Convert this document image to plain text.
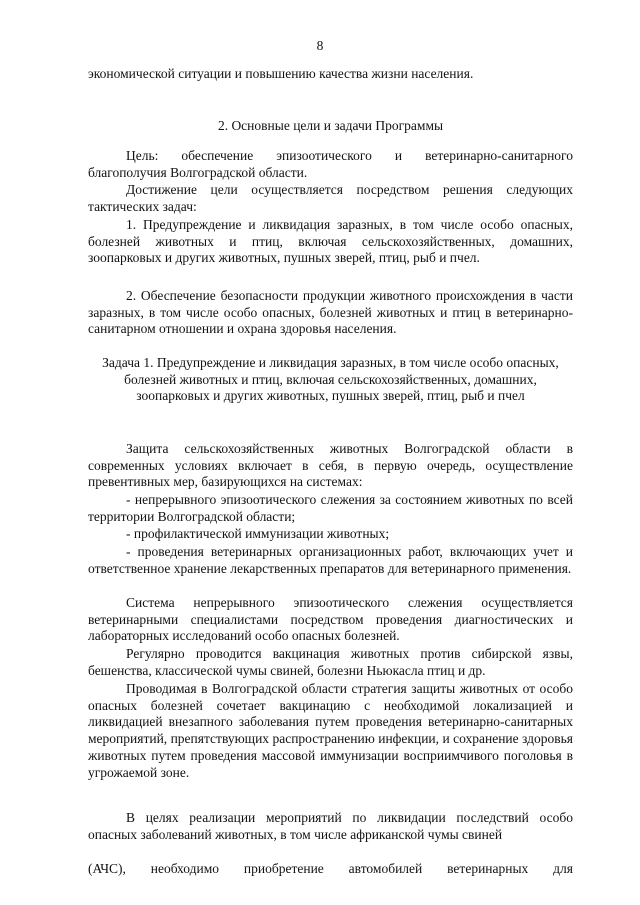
8

экономической ситуации и повышению качества жизни населения.

2. Основные цели и задачи Программы

Цель: обеспечение эпизоотического и ветеринарно-санитарного благополучия Волгоградской области.

Достижение цели осуществляется посредством решения следующих тактических задач:

1. Предупреждение и ликвидация заразных, в том числе особо опасных, болезней животных и птиц, включая сельскохозяйственных, домашних, зоопарковых и других животных, пушных зверей, птиц, рыб и пчел.

2. Обеспечение безопасности продукции животного происхождения в части заразных, в том числе особо опасных, болезней животных и птиц в ветеринарно-санитарном отношении и охрана здоровья населения.

Задача 1. Предупреждение и ликвидация заразных, в том числе особо опасных, болезней животных и птиц, включая сельскохозяйственных, домашних, зоопарковых и других животных, пушных зверей, птиц, рыб и пчел

Защита сельскохозяйственных животных Волгоградской области в современных условиях включает в себя, в первую очередь, осуществление превентивных мер, базирующихся на системах:

- непрерывного эпизоотического слежения за состоянием животных по всей территории Волгоградской области;

- профилактической иммунизации животных;

- проведения ветеринарных организационных работ, включающих учет и ответственное хранение лекарственных препаратов для ветеринарного применения.

Система непрерывного эпизоотического слежения осуществляется ветеринарными специалистами посредством проведения диагностических и лабораторных исследований особо опасных болезней.

Регулярно проводится вакцинация животных против сибирской язвы, бешенства, классической чумы свиней, болезни Ньюкасла птиц и др.

Проводимая в Волгоградской области стратегия защиты животных от особо опасных болезней сочетает вакцинацию с необходимой локализацией и ликвидацией внезапного заболевания путем проведения ветеринарно-санитарных мероприятий, препятствующих распространению инфекции, и сохранение здоровья животных путем проведения массовой иммунизации восприимчивого поголовья в угрожаемой зоне.

В целях реализации мероприятий по ликвидации последствий особо опасных заболеваний животных, в том числе африканской чумы свиней

(АЧС), необходимо приобретение автомобилей ветеринарных для
